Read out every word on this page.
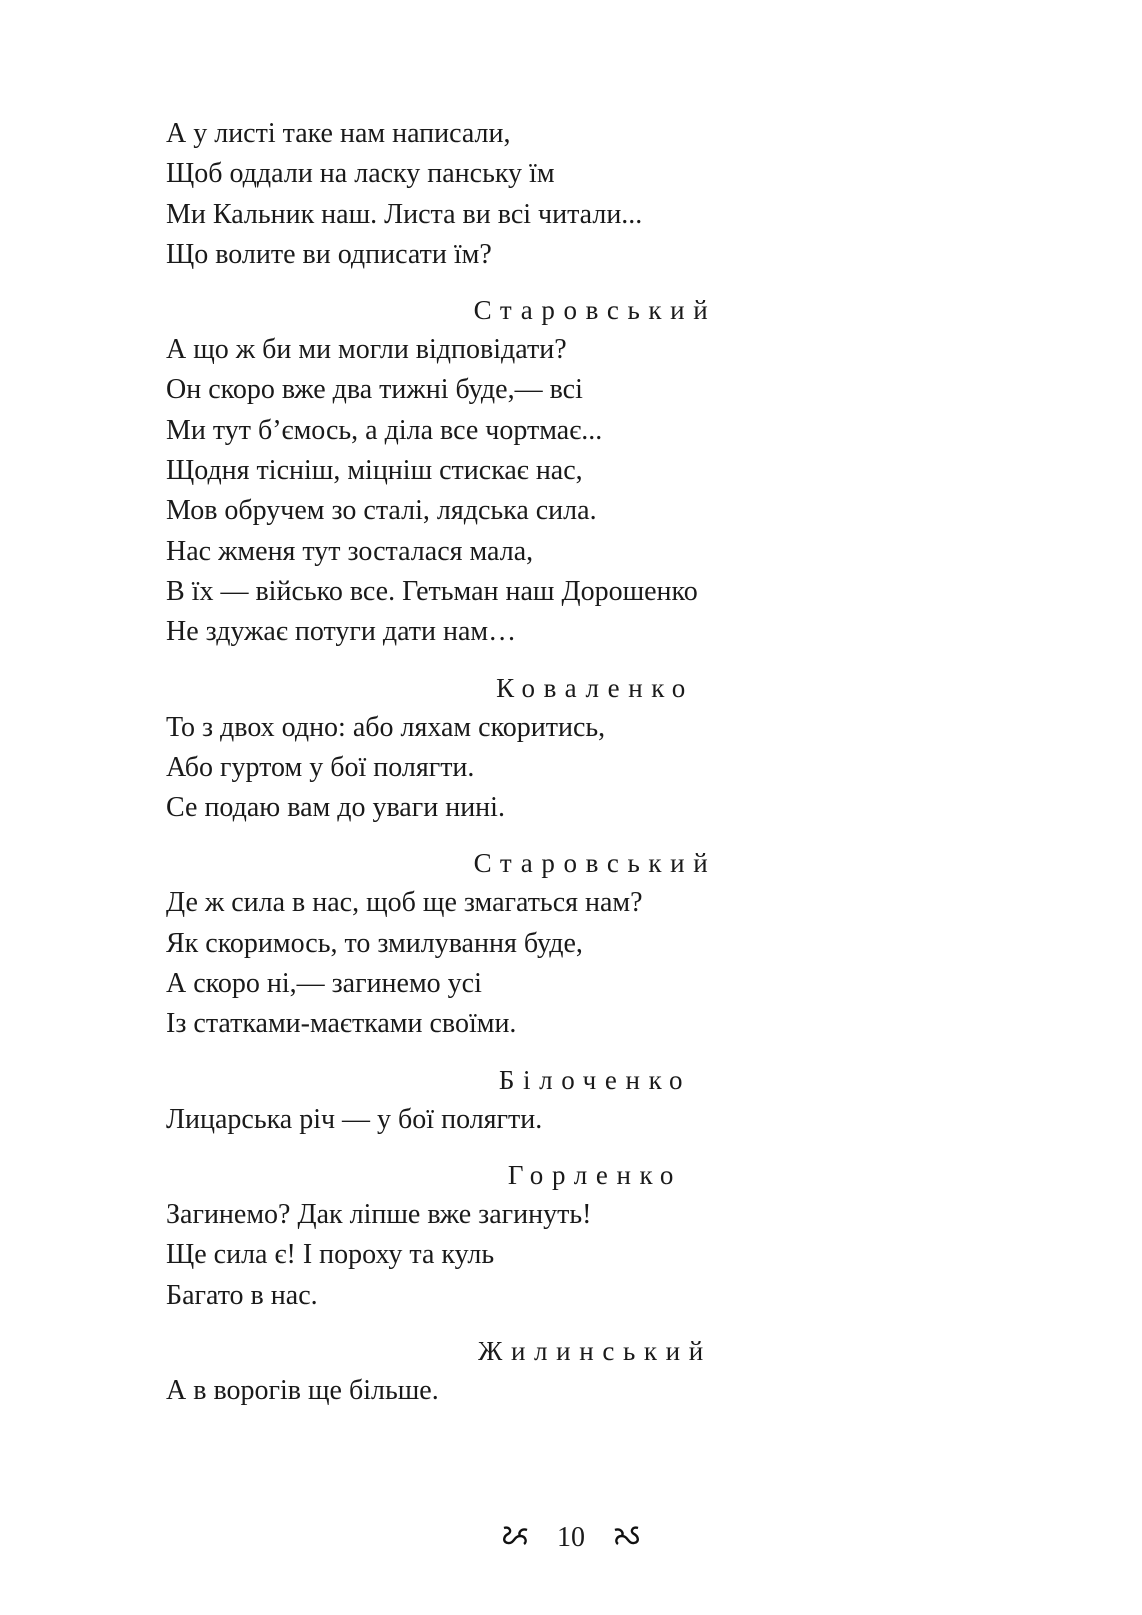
А у листі таке нам написали,
Щоб оддали на ласку панську їм
Ми Кальник наш. Листа ви всі читали...
Що волите ви одписати їм?
Старовський
А що ж би ми могли відповідати?
Он скоро вже два тижні буде,— всі
Ми тут б’ємось, а діла все чортмає...
Щодня тісніш, міцніш стискає нас,
Мов обручем зо сталі, лядська сила.
Нас жменя тут зосталася мала,
В їх — військо все. Гетьман наш Дорошенко
Не здужає потуги дати нам…
Коваленко
То з двох одно: або ляхам скоритись,
Або гуртом у бої полягти.
Се подаю вам до уваги нині.
Старовський
Де ж сила в нас, щоб ще змагаться нам?
Як скоримось, то змилування буде,
А скоро ні,— загинемо усі
Із статками-маєтками своїми.
Білоченко
Лицарська річ — у бої полягти.
Горленко
Загинемо? Дак ліпше вже загинуть!
Ще сила є! І пороху та куль
Багато в нас.
Жилинський
А в ворогів ще більше.
10
